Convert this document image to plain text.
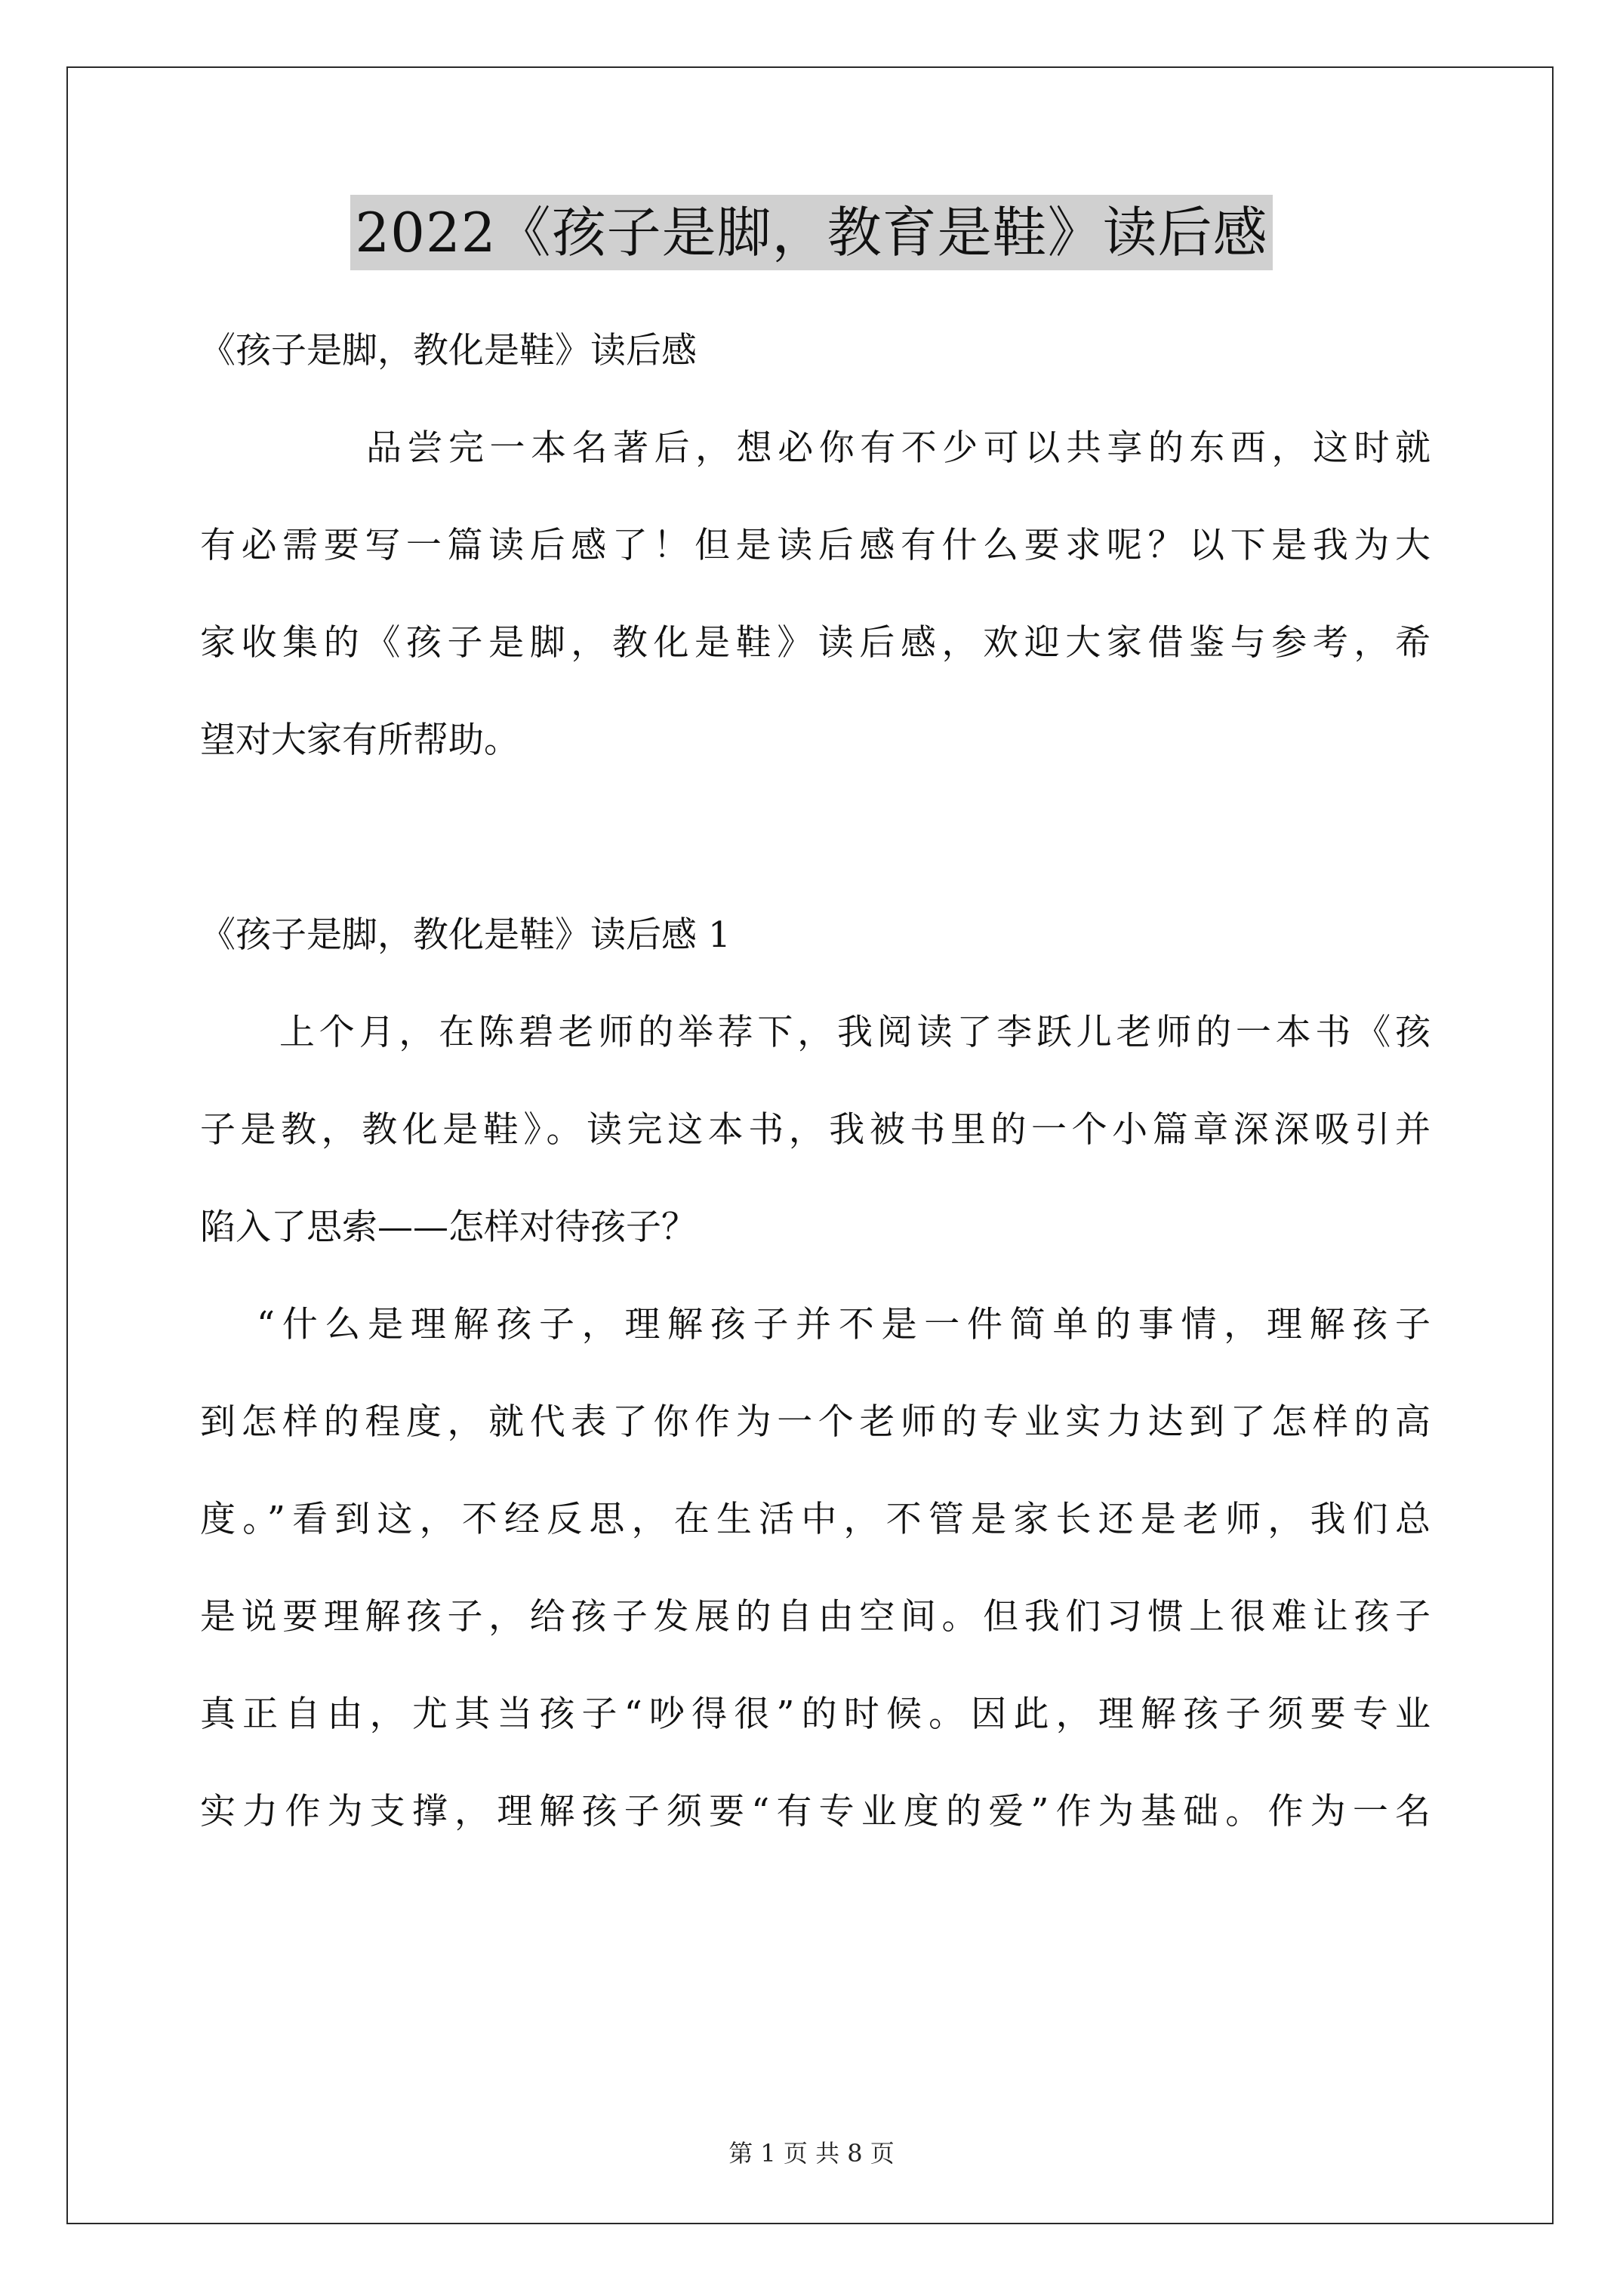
2022《孩子是脚，教育是鞋》读后感
《孩子是脚，教化是鞋》读后感
品尝完一本名著后，想必你有不少可以共享的东西，这时就
有必需要写一篇读后感了！但是读后感有什么要求呢？以下是我为大
家收集的《孩子是脚，教化是鞋》读后感，欢迎大家借鉴与参考，希
望对大家有所帮助。
《孩子是脚，教化是鞋》读后感 1
上个月，在陈碧老师的举荐下，我阅读了李跃儿老师的一本书《孩
子是教，教化是鞋》。读完这本书，我被书里的一个小篇章深深吸引并
陷入了思索——怎样对待孩子？
“什么是理解孩子，理解孩子并不是一件简单的事情，理解孩子
到怎样的程度，就代表了你作为一个老师的专业实力达到了怎样的高
度。”看到这，不经反思，在生活中，不管是家长还是老师，我们总
是说要理解孩子，给孩子发展的自由空间。但我们习惯上很难让孩子
真正自由，尤其当孩子“吵得很”的时候。因此，理解孩子须要专业
实力作为支撑，理解孩子须要“有专业度的爱”作为基础。作为一名
第 1 页 共 8 页
